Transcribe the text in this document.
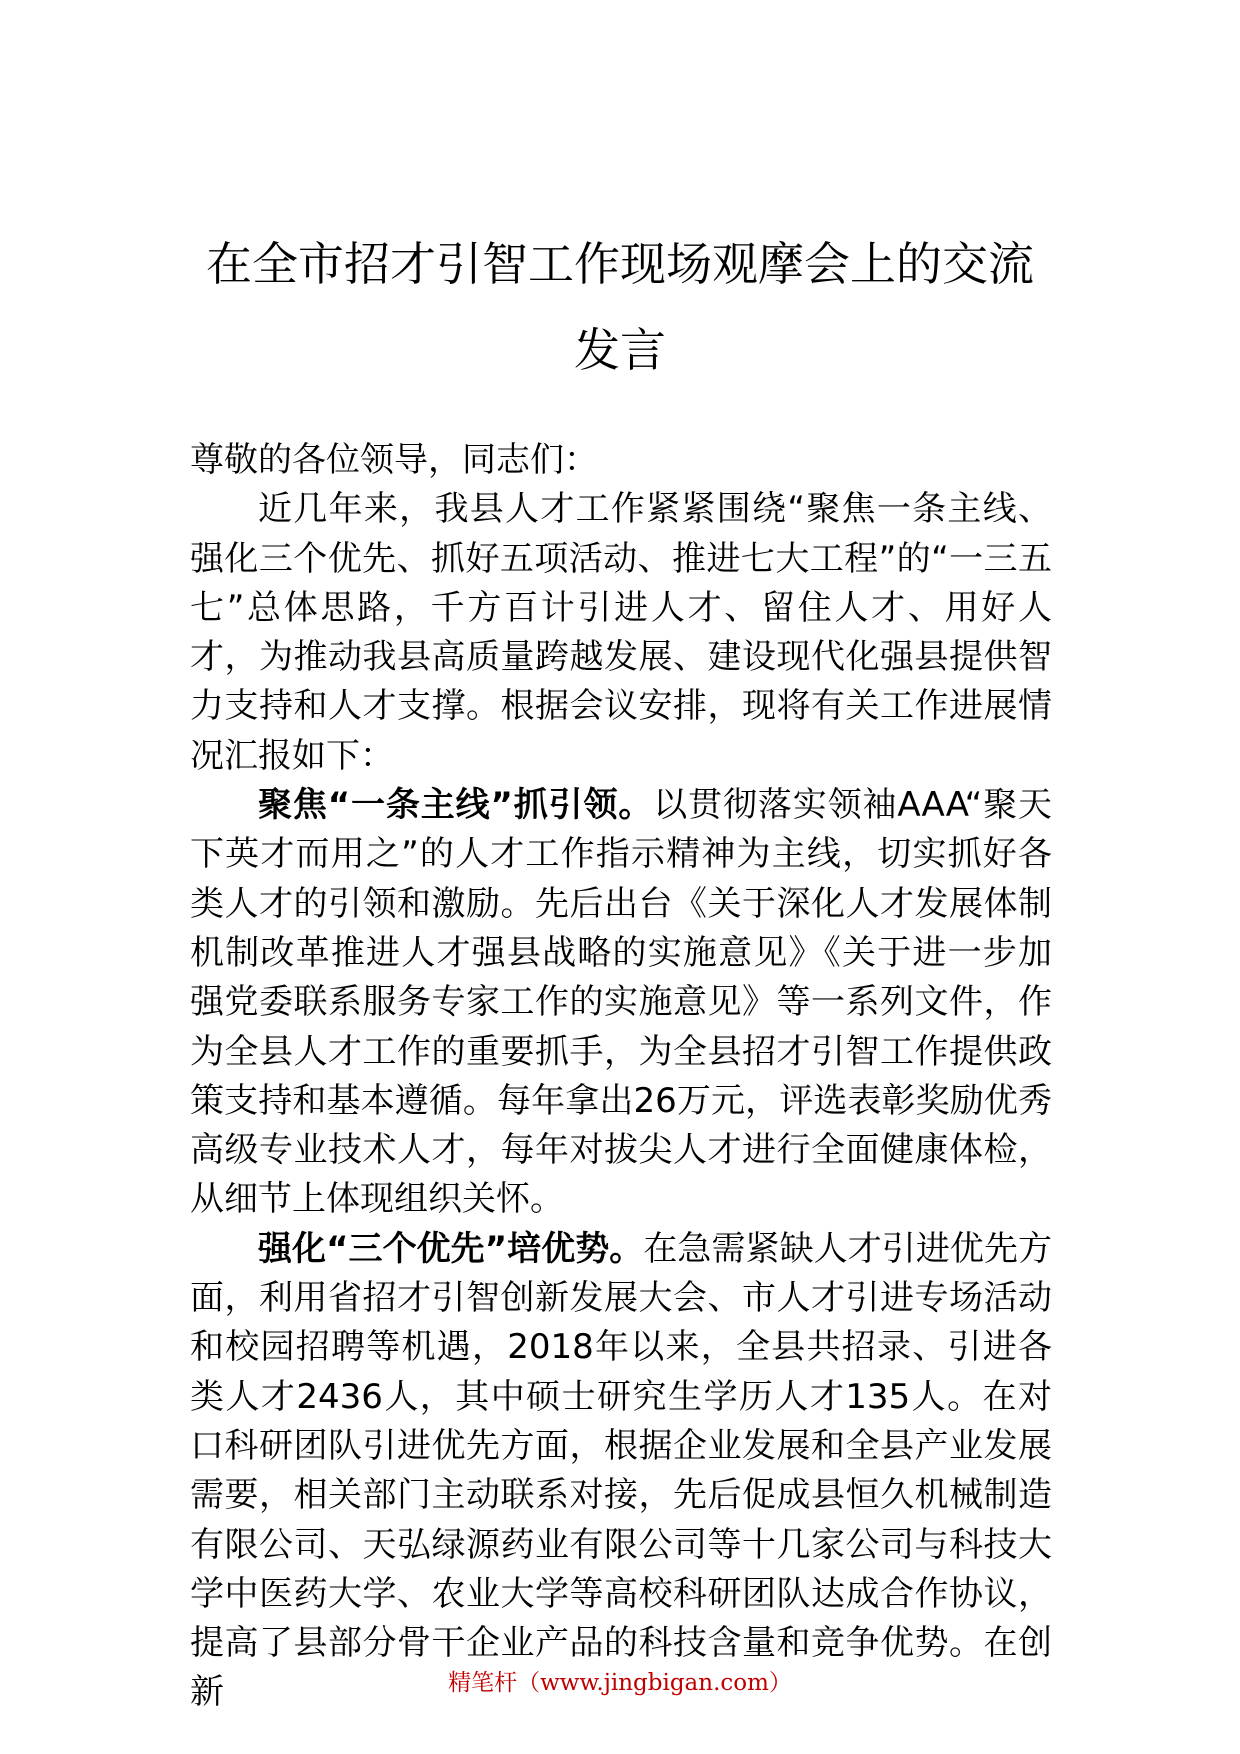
在全市招才引智工作现场观摩会上的交流
发言

尊敬的各位领导，同志们：

近几年来，我县人才工作紧紧围绕“聚焦一条主线、强化三个优先、抓好五项活动、推进七大工程”的“一三五七”总体思路，千方百计引进人才、留住人才、用好人才，为推动我县高质量跨越发展、建设现代化强县提供智力支持和人才支撑。根据会议安排，现将有关工作进展情况汇报如下：

聚焦“一条主线”抓引领。以贯彻落实领袖AAA“聚天下英才而用之”的人才工作指示精神为主线，切实抓好各类人才的引领和激励。先后出台《关于深化人才发展体制机制改革推进人才强县战略的实施意见》《关于进一步加强党委联系服务专家工作的实施意见》等一系列文件，作为全县人才工作的重要抓手，为全县招才引智工作提供政策支持和基本遵循。每年拿出26万元，评选表彰奖励优秀高级专业技术人才，每年对拔尖人才进行全面健康体检，从细节上体现组织关怀。

强化“三个优先”培优势。在急需紧缺人才引进优先方面，利用省招才引智创新发展大会、市人才引进专场活动和校园招聘等机遇，2018年以来，全县共招录、引进各类人才2436人，其中硕士研究生学历人才135人。在对口科研团队引进优先方面，根据企业发展和全县产业发展需要，相关部门主动联系对接，先后促成县恒久机械制造有限公司、天弘绿源药业有限公司等十几家公司与科技大学中医药大学、农业大学等高校科研团队达成合作协议，提高了县部分骨干企业产品的科技含量和竞争优势。在创新	精笔杆（www.jingbigan.com）
